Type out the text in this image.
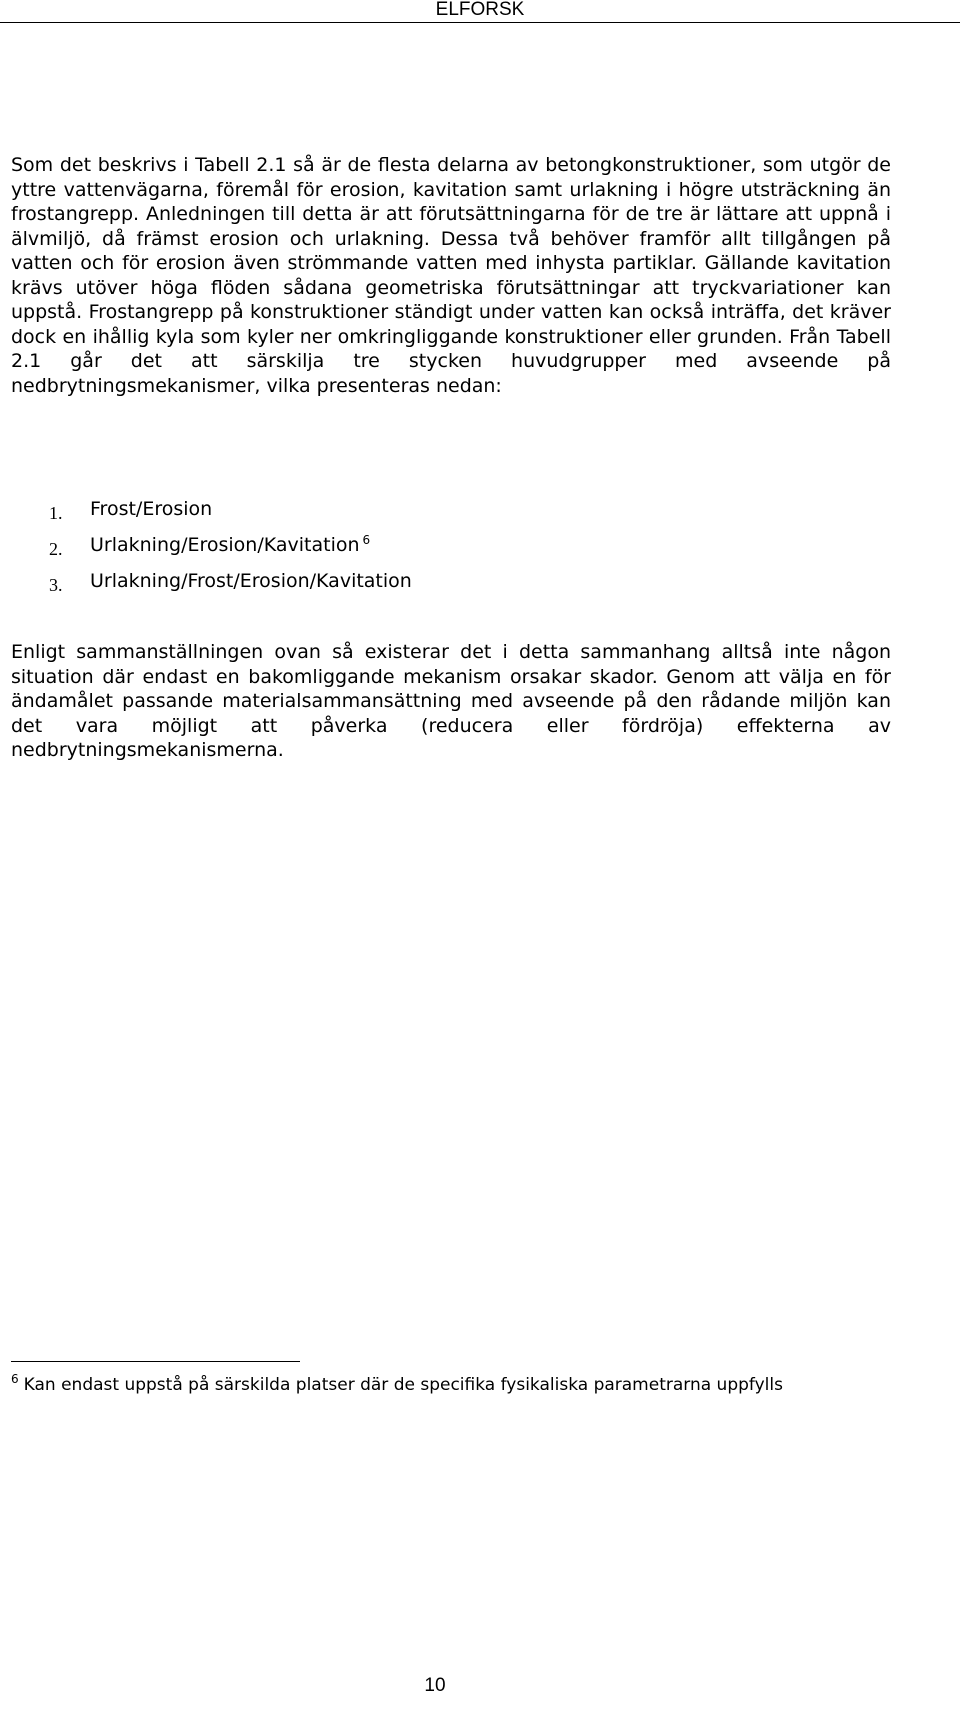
ELFORSK

Som det beskrivs i Tabell 2.1 så är de flesta delarna av betongkonstruktioner, som utgör de yttre vattenvägarna, föremål för erosion, kavitation samt urlakning i högre utsträckning än frostangrepp. Anledningen till detta är att förutsättningarna för de tre är lättare att uppnå i älvmiljö, då främst erosion och urlakning. Dessa två behöver framför allt tillgången på vatten och för erosion även strömmande vatten med inhysta partiklar. Gällande kavitation krävs utöver höga flöden sådana geometriska förutsättningar att tryckvariationer kan uppstå. Frostangrepp på konstruktioner ständigt under vatten kan också inträffa, det kräver dock en ihållig kyla som kyler ner omkringliggande konstruktioner eller grunden. Från Tabell 2.1 går det att särskilja tre stycken huvudgrupper med avseende på nedbrytningsmekanismer, vilka presenteras nedan:

1. Frost/Erosion
2. Urlakning/Erosion/Kavitation $^6$
3. Urlakning/Frost/Erosion/Kavitation

Enligt sammanställningen ovan så existerar det i detta sammanhang alltså inte någon situation där endast en bakomliggande mekanism orsakar skador. Genom att välja en för ändamålet passande materialsammansättning med avseende på den rådande miljön kan det vara möjligt att påverka (reducera eller fördröja) effekterna av nedbrytningsmekanismerna.

$^6$ Kan endast uppstå på särskilda platser där de specifika fysikaliska parametrarna uppfylls

10
